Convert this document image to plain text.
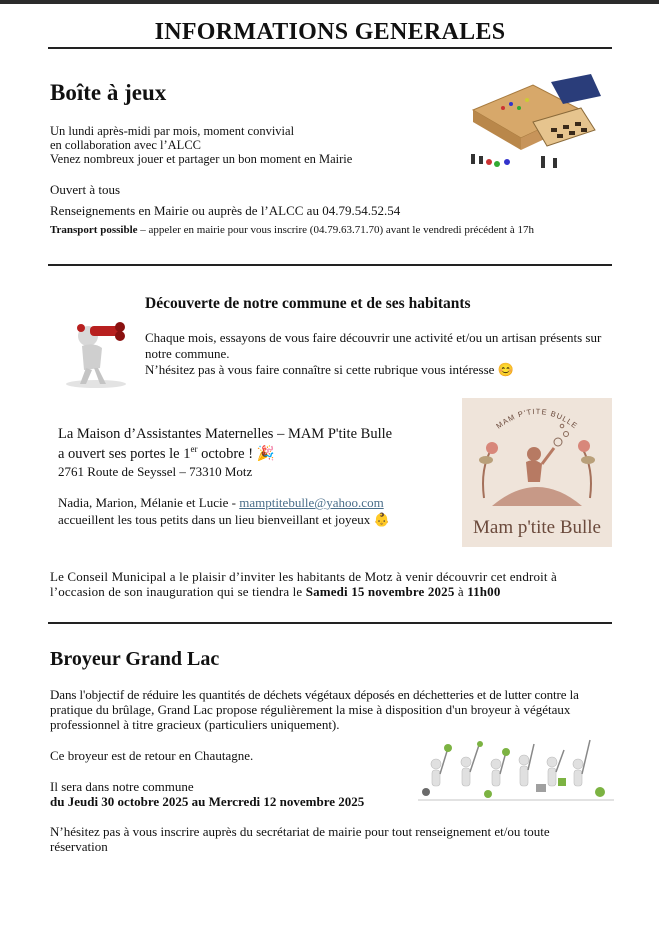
INFORMATIONS GENERALES
Boîte à jeux
Un lundi après-midi par mois, moment convivial
en collaboration avec l’ALCC
Venez nombreux jouer et partager un bon moment en Mairie
Ouvert à tous
Renseignements en Mairie ou auprès de l’ALCC au 04.79.54.52.54
Transport possible – appeler en mairie pour vous inscrire (04.79.63.71.70) avant le vendredi précédent à 17h
Découverte de notre commune et de ses habitants
Chaque mois, essayons de vous faire découvrir une activité et/ou un artisan présents sur
notre commune.
N’hésitez pas à vous faire connaître si cette rubrique vous intéresse 😊
La Maison d’Assistantes Maternelles – MAM P'tite Bulle
a ouvert ses portes le 1er octobre ! 🎉
2761 Route de Seyssel – 73310 Motz
Nadia, Marion, Mélanie et Lucie - mamptitebulle@yahoo.com
accueillent les tous petits dans un lieu bienveillant et joyeux 👶
MAM P'TITE BULLE
Mam p'tite Bulle
Le Conseil Municipal a le plaisir d’inviter les habitants de Motz à venir découvrir cet endroit à
l’occasion de son inauguration qui se tiendra le Samedi 15 novembre 2025 à 11h00
Broyeur Grand Lac
Dans l'objectif de réduire les quantités de déchets végétaux déposés en déchetteries et de lutter contre la
pratique du brûlage, Grand Lac propose régulièrement la mise à disposition d'un broyeur à végétaux
professionnel à titre gracieux (particuliers uniquement).
Ce broyeur est de retour en Chautagne.
Il sera dans notre commune
du Jeudi 30 octobre 2025 au Mercredi 12 novembre 2025
N’hésitez pas à vous inscrire auprès du secrétariat de mairie pour tout renseignement et/ou toute
réservation
